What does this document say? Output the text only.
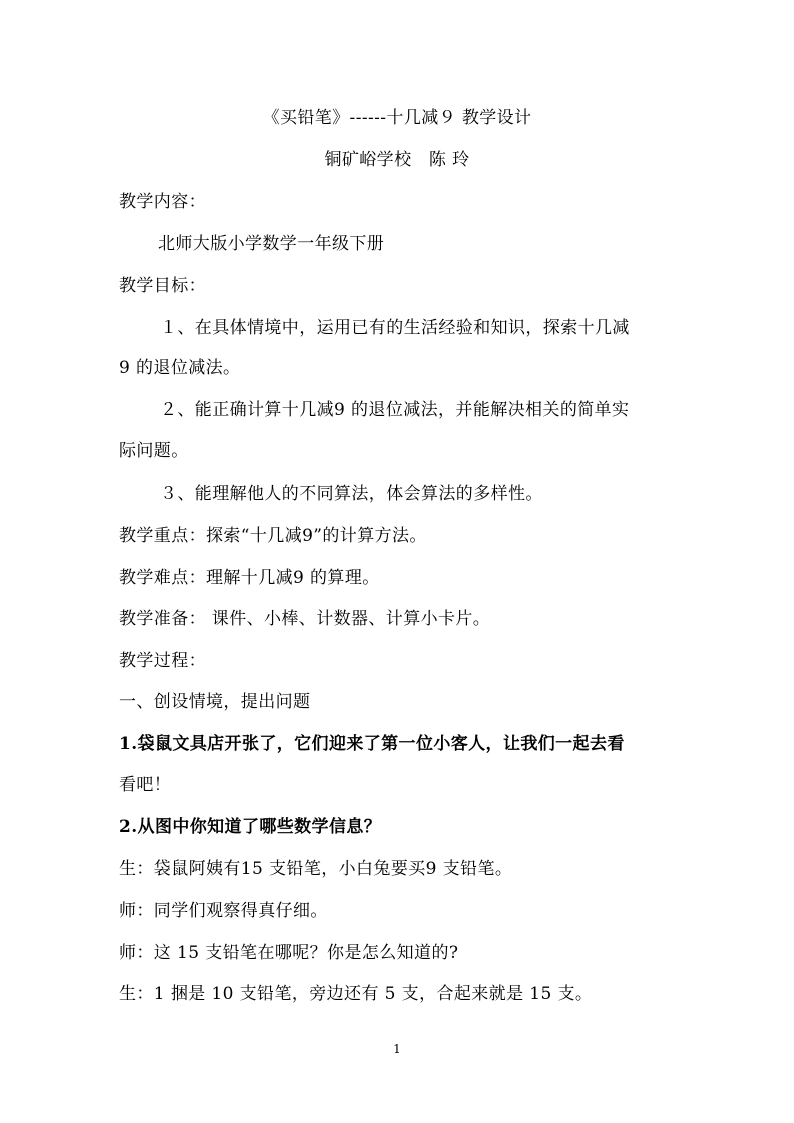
《买铅笔》------十几减９ 教学设计
铜矿峪学校　陈 玲
教学内容：
北师大版小学数学一年级下册
教学目标：
１、在具体情境中，运用已有的生活经验和知识，探索十几减
9 的退位减法。
２、能正确计算十几减9 的退位减法，并能解决相关的简单实
际问题。
３、能理解他人的不同算法，体会算法的多样性。
教学重点：探索“十几减9”的计算方法。
教学难点：理解十几减9 的算理。
教学准备： 课件、小棒、计数器、计算小卡片。
教学过程：
一、创设情境，提出问题
1.袋鼠文具店开张了，它们迎来了第一位小客人，让我们一起去看
看吧！
2.从图中你知道了哪些数学信息？
生：袋鼠阿姨有15 支铅笔，小白兔要买9 支铅笔。
师：同学们观察得真仔细。
师：这 15 支铅笔在哪呢？你是怎么知道的?
生：1 捆是 10 支铅笔，旁边还有 5 支，合起来就是 15 支。
1
